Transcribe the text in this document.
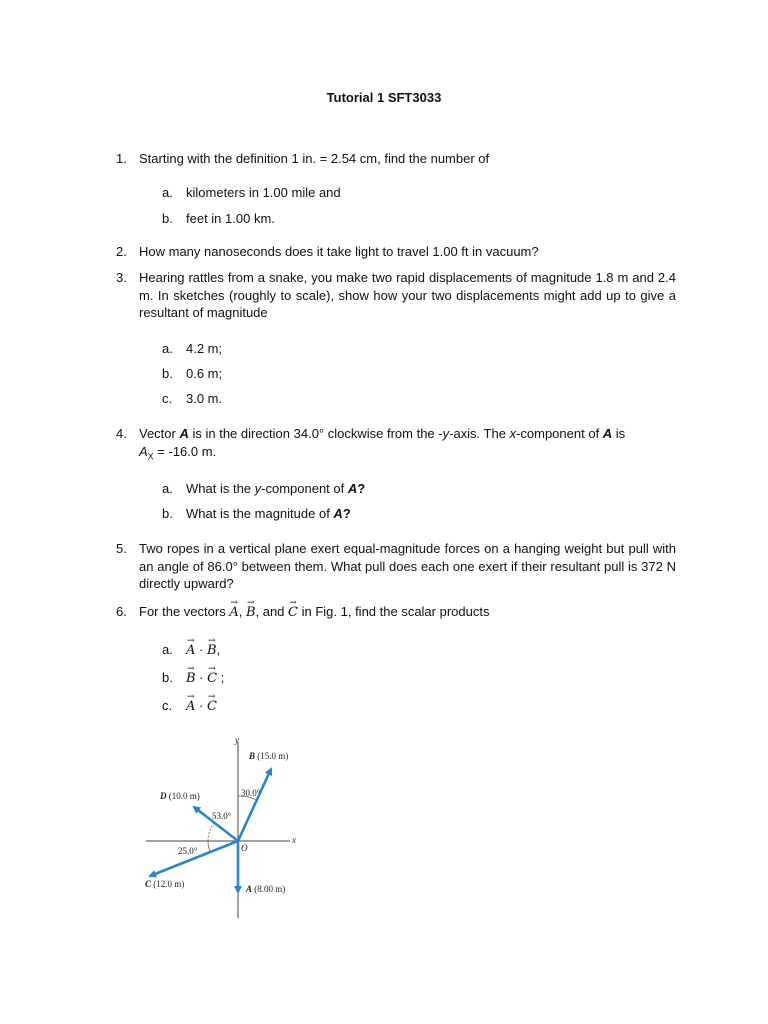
Tutorial 1 SFT3033
1. Starting with the definition 1 in. = 2.54 cm, find the number of
a. kilometers in 1.00 mile and
b. feet in 1.00 km.
2. How many nanoseconds does it take light to travel 1.00 ft in vacuum?
3. Hearing rattles from a snake, you make two rapid displacements of magnitude 1.8 m and 2.4 m. In sketches (roughly to scale), show how your two displacements might add up to give a resultant of magnitude
a. 4.2 m;
b. 0.6 m;
c. 3.0 m.
4. Vector A is in the direction 34.0° clockwise from the -y-axis. The x-component of A is
$A_X = -16.0$ m.
a. What is the y-component of A?
b. What is the magnitude of A?
5. Two ropes in a vertical plane exert equal-magnitude forces on a hanging weight but pull with an angle of 86.0° between them. What pull does each one exert if their resultant pull is 372 N directly upward?
6. For the vectors → A, → B, and → C in Fig. 1, find the scalar products
a. → A · → B,
b. → B · → C ;
c. → A · → C
y
x
O
30.0°
53.0°
25.0°
B (15.0 m)
D (10.0 m)
C (12.0 m)	A (8.00 m)
